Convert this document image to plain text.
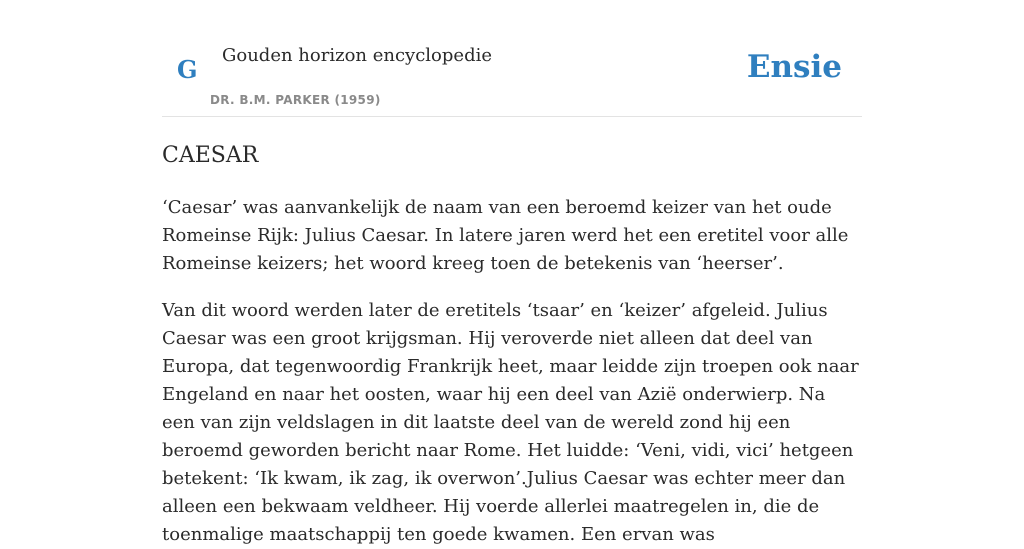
G Gouden horizon encyclopedie
DR. B.M. PARKER (1959)
Ensie
CAESAR

‘Caesar’ was aanvankelijk de naam van een beroemd keizer van het oude Romeinse Rijk: Julius Caesar. In latere jaren werd het een eretitel voor alle Romeinse keizers; het woord kreeg toen de betekenis van ‘heerser’.

Van dit woord werden later de eretitels ‘tsaar’ en ‘keizer’ afgeleid. Julius Caesar was een groot krijgsman. Hij veroverde niet alleen dat deel van Europa, dat tegenwoordig Frankrijk heet, maar leidde zijn troepen ook naar Engeland en naar het oosten, waar hij een deel van Azië onderwierp. Na een van zijn veldslagen in dit laatste deel van de wereld zond hij een beroemd geworden bericht naar Rome. Het luidde: ‘Veni, vidi, vici’ hetgeen betekent: ‘Ik kwam, ik zag, ik overwon’.Julius Caesar was echter meer dan alleen een bekwaam veldheer. Hij voerde allerlei maatregelen in, die de toenmalige maatschappij ten goede kwamen. Een ervan was
